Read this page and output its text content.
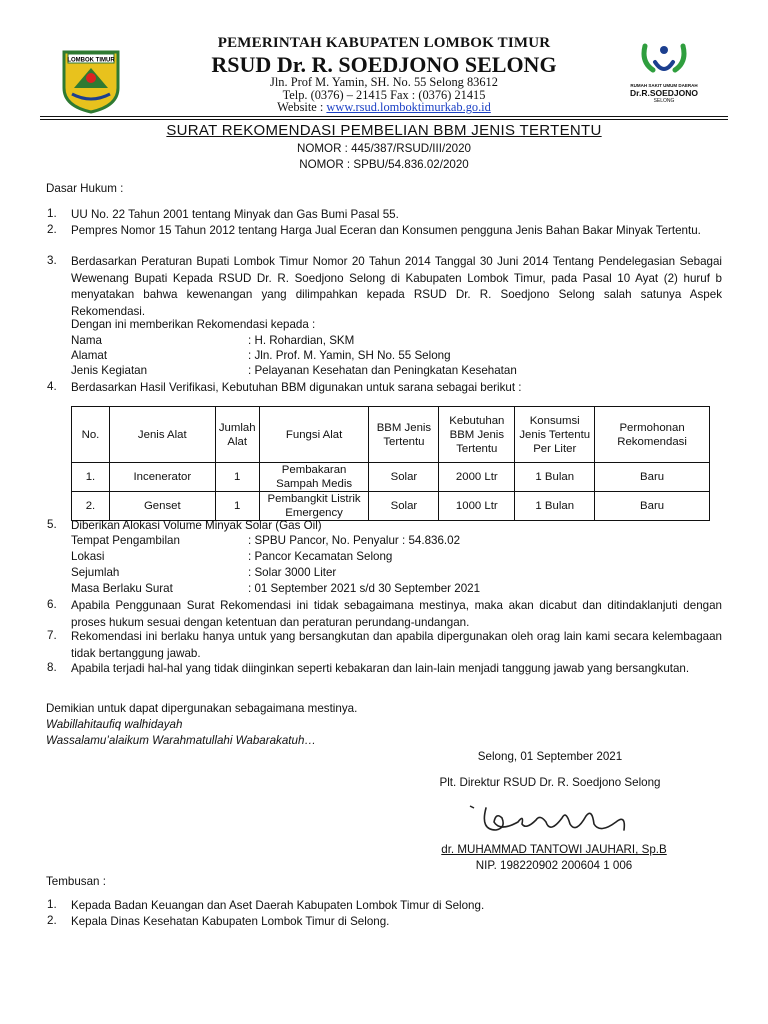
LOMBOK TIMUR
RUMAH SAKIT UMUM DAERAH
Dr.R.SOEDJONO
SELONG
PEMERINTAH KABUPATEN LOMBOK TIMUR
RSUD Dr. R. SOEDJONO SELONG
Jln. Prof M. Yamin, SH. No. 55 Selong 83612
Telp. (0376) – 21415 Fax : (0376) 21415
Website : www.rsud.lomboktimurkab.go.id
SURAT REKOMENDASI PEMBELIAN BBM JENIS TERTENTU
NOMOR : 445/387/RSUD/III/2020
NOMOR : SPBU/54.836.02/2020
Dasar Hukum :
1. UU No. 22 Tahun 2001 tentang Minyak dan Gas Bumi Pasal 55.
2. Pempres Nomor 15 Tahun 2012 tentang Harga Jual Eceran dan Konsumen pengguna Jenis Bahan Bakar Minyak Tertentu.
3. Berdasarkan Peraturan Bupati Lombok Timur Nomor 20 Tahun 2014 Tanggal 30 Juni 2014 Tentang Pendelegasian Sebagai Wewenang Bupati Kepada RSUD Dr. R. Soedjono Selong di Kabupaten Lombok Timur, pada Pasal 10 Ayat (2) huruf b menyatakan bahwa kewenangan yang dilimpahkan kepada RSUD Dr. R. Soedjono Selong salah satunya Aspek Rekomendasi.
Dengan ini memberikan Rekomendasi kepada :
Nama	: H. Rohardian, SKM
Alamat	: Jln. Prof. M. Yamin, SH No. 55 Selong
Jenis Kegiatan	: Pelayanan Kesehatan dan Peningkatan Kesehatan
4. Berdasarkan Hasil Verifikasi, Kebutuhan BBM digunakan untuk sarana sebagai berikut :
No.	Jenis Alat	Jumlah Alat	Fungsi Alat	BBM Jenis Tertentu	Kebutuhan BBM Jenis Tertentu	Konsumsi Jenis Tertentu Per Liter	Permohonan Rekomendasi
1.	Incenerator	1	Pembakaran Sampah Medis	Solar	2000 Ltr	1 Bulan	Baru
2.	Genset	1	Pembangkit Listrik Emergency	Solar	1000 Ltr	1 Bulan	Baru
5. Diberikan Alokasi Volume Minyak Solar (Gas Oil)
Tempat Pengambilan	: SPBU Pancor, No. Penyalur : 54.836.02
Lokasi	: Pancor Kecamatan Selong
Sejumlah	: Solar 3000 Liter
Masa Berlaku Surat	: 01 September 2021 s/d 30 September 2021
6. Apabila Penggunaan Surat Rekomendasi ini tidak sebagaimana mestinya, maka akan dicabut dan ditindaklanjuti dengan proses hukum sesuai dengan ketentuan dan peraturan perundang-undangan.
7. Rekomendasi ini berlaku hanya untuk yang bersangkutan dan apabila dipergunakan oleh orag lain kami secara kelembagaan tidak bertanggung jawab.
8. Apabila terjadi hal-hal yang tidak diinginkan seperti kebakaran dan lain-lain menjadi tanggung jawab yang bersangkutan.
Demikian untuk dapat dipergunakan sebagaimana mestinya.
Wabillahitaufiq walhidayah
Wassalamu’alaikum Warahmatullahi Wabarakatuh…
Selong, 01 September 2021
Plt. Direktur RSUD Dr. R. Soedjono Selong
dr. MUHAMMAD TANTOWI JAUHARI, Sp.B
NIP. 198220902 200604 1 006
Tembusan :
1. Kepada Badan Keuangan dan Aset Daerah Kabupaten Lombok Timur di Selong.
2. Kepala Dinas Kesehatan Kabupaten Lombok Timur di Selong.
